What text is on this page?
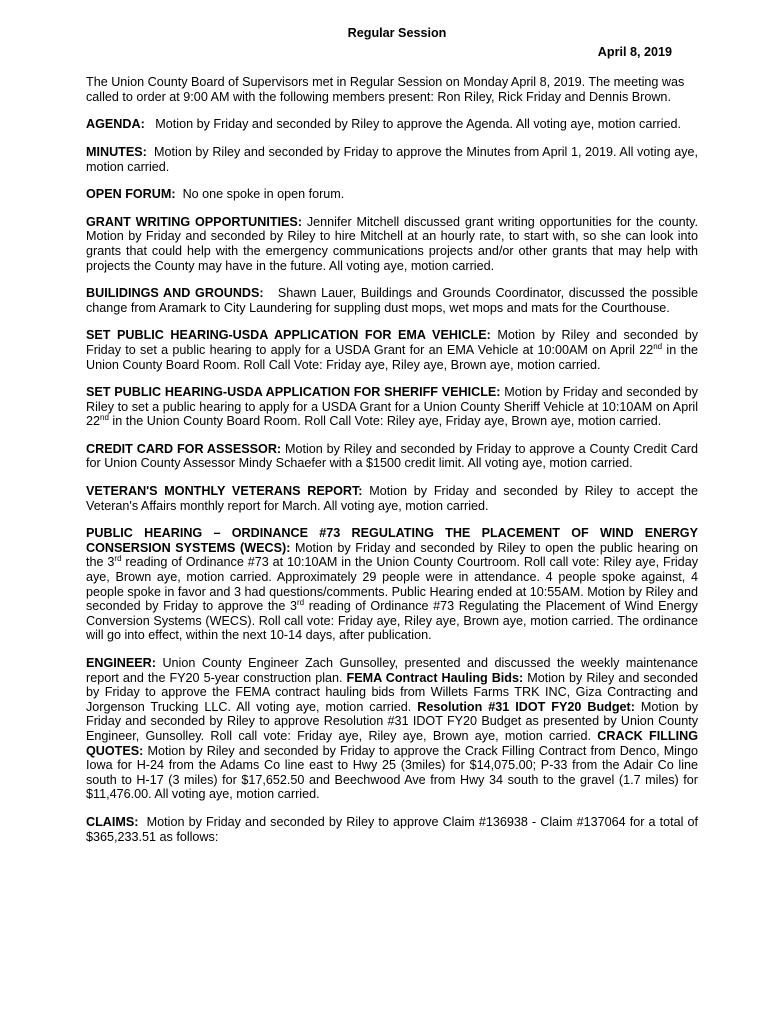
Regular Session
April 8, 2019

The Union County Board of Supervisors met in Regular Session on Monday April 8, 2019. The meeting was called to order at 9:00 AM with the following members present: Ron Riley, Rick Friday and Dennis Brown.

AGENDA: Motion by Friday and seconded by Riley to approve the Agenda. All voting aye, motion carried.

MINUTES: Motion by Riley and seconded by Friday to approve the Minutes from April 1, 2019. All voting aye, motion carried.

OPEN FORUM: No one spoke in open forum.

GRANT WRITING OPPORTUNITIES: Jennifer Mitchell discussed grant writing opportunities for the county. Motion by Friday and seconded by Riley to hire Mitchell at an hourly rate, to start with, so she can look into grants that could help with the emergency communications projects and/or other grants that may help with projects the County may have in the future. All voting aye, motion carried.

BUILIDINGS AND GROUNDS: Shawn Lauer, Buildings and Grounds Coordinator, discussed the possible change from Aramark to City Laundering for suppling dust mops, wet mops and mats for the Courthouse.

SET PUBLIC HEARING-USDA APPLICATION FOR EMA VEHICLE: Motion by Riley and seconded by Friday to set a public hearing to apply for a USDA Grant for an EMA Vehicle at 10:00AM on April 22nd in the Union County Board Room. Roll Call Vote: Friday aye, Riley aye, Brown aye, motion carried.

SET PUBLIC HEARING-USDA APPLICATION FOR SHERIFF VEHICLE: Motion by Friday and seconded by Riley to set a public hearing to apply for a USDA Grant for a Union County Sheriff Vehicle at 10:10AM on April 22nd in the Union County Board Room. Roll Call Vote: Riley aye, Friday aye, Brown aye, motion carried.

CREDIT CARD FOR ASSESSOR: Motion by Riley and seconded by Friday to approve a County Credit Card for Union County Assessor Mindy Schaefer with a $1500 credit limit. All voting aye, motion carried.

VETERAN'S MONTHLY VETERANS REPORT: Motion by Friday and seconded by Riley to accept the Veteran's Affairs monthly report for March. All voting aye, motion carried.

PUBLIC HEARING – ORDINANCE #73 REGULATING THE PLACEMENT OF WIND ENERGY CONSERSION SYSTEMS (WECS): Motion by Friday and seconded by Riley to open the public hearing on the 3rd reading of Ordinance #73 at 10:10AM in the Union County Courtroom. Roll call vote: Riley aye, Friday aye, Brown aye, motion carried. Approximately 29 people were in attendance. 4 people spoke against, 4 people spoke in favor and 3 had questions/comments. Public Hearing ended at 10:55AM. Motion by Riley and seconded by Friday to approve the 3rd reading of Ordinance #73 Regulating the Placement of Wind Energy Conversion Systems (WECS). Roll call vote: Friday aye, Riley aye, Brown aye, motion carried. The ordinance will go into effect, within the next 10-14 days, after publication.

ENGINEER: Union County Engineer Zach Gunsolley, presented and discussed the weekly maintenance report and the FY20 5-year construction plan. FEMA Contract Hauling Bids: Motion by Riley and seconded by Friday to approve the FEMA contract hauling bids from Willets Farms TRK INC, Giza Contracting and Jorgenson Trucking LLC. All voting aye, motion carried. Resolution #31 IDOT FY20 Budget: Motion by Friday and seconded by Riley to approve Resolution #31 IDOT FY20 Budget as presented by Union County Engineer, Gunsolley. Roll call vote: Friday aye, Riley aye, Brown aye, motion carried. CRACK FILLING QUOTES: Motion by Riley and seconded by Friday to approve the Crack Filling Contract from Denco, Mingo Iowa for H-24 from the Adams Co line east to Hwy 25 (3miles) for $14,075.00; P-33 from the Adair Co line south to H-17 (3 miles) for $17,652.50 and Beechwood Ave from Hwy 34 south to the gravel (1.7 miles) for $11,476.00. All voting aye, motion carried.

CLAIMS: Motion by Friday and seconded by Riley to approve Claim #136938 - Claim #137064 for a total of $365,233.51 as follows:
